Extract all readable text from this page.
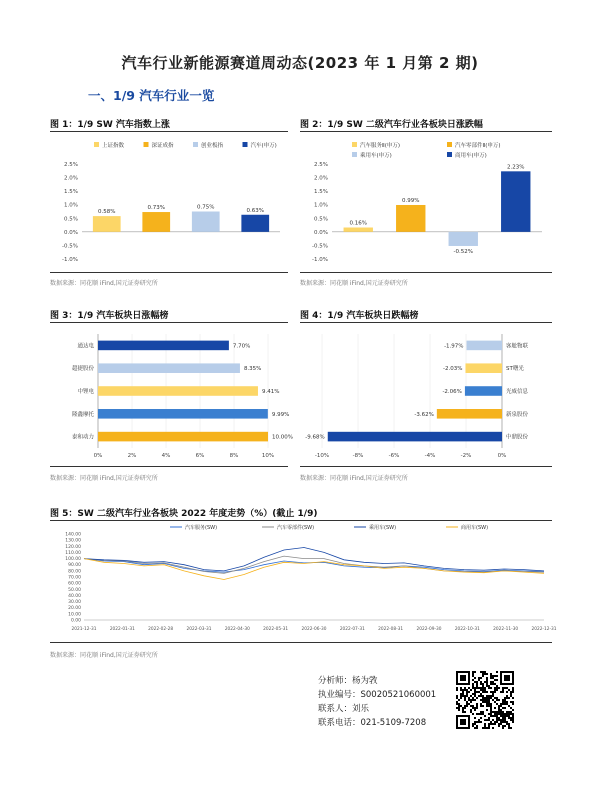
汽车行业新能源赛道周动态(2023 年 1 月第 2 期)
一、1/9 汽车行业一览
图 1：1/9 SW 汽车指数上涨
上证指数	深证成指	创业板指	汽车(申万)
2.5%
2.0%
1.5%
1.0%
0.5%
0.0%
-0.5%
-1.0%
0.58%
0.73%	0.75%
0.63%
数据来源：同花顺 iFind,国元证券研究所
图 2：1/9 SW 二级汽车行业各板块日涨跌幅
汽车服务Ⅱ(申万)	汽车零部件Ⅱ(申万)
乘用车(申万)	商用车(申万)
2.5%
2.0%
1.5%
1.0%
0.5%
0.0%
-0.5%
-1.0%
0.16%
0.99%
-0.52%
2.23%
数据来源：同花顺 iFind,国元证券研究所
图 3：1/9 汽车板块日涨幅榜
0%	2%	4%	6%	8%	10%
通达电	7.70%
超捷股份	8.35%
中锂电	9.41%
隆鑫摩托	9.99%
泰和动力	10.00%
数据来源：同花顺 iFind,国元证券研究所
图 4：1/9 汽车板块日跌幅榜
-10%	-8%	-6%	-4%	-2%	0%
客舱物联
-1.97%
ST曙光
-2.03%
光威信息
-2.06%
新泉股份
-3.62%
中鼎股份
-9.68%
数据来源：同花顺 iFind,国元证券研究所
图 5：SW 二级汽车行业各板块 2022 年度走势（%）(截止 1/9)
汽车服务(SW)	汽车零部件(SW)	乘用车(SW)	商用车(SW)
140.00
130.00
120.00
110.00
100.00
90.00
80.00
70.00
60.00
50.00
40.00
30.00
20.00
10.00
0.00
2021-12-31	2022-01-31	2022-02-28	2022-03-31	2022-04-30	2022-05-31	2022-06-30	2022-07-31	2022-08-31	2022-09-30	2022-10-31	2022-11-30	2022-12-31
数据来源：同花顺 iFind,国元证券研究所
分析师：杨为敩
执业编号：S0020521060001
联系人：刘乐
联系电话：021-5109-7208
